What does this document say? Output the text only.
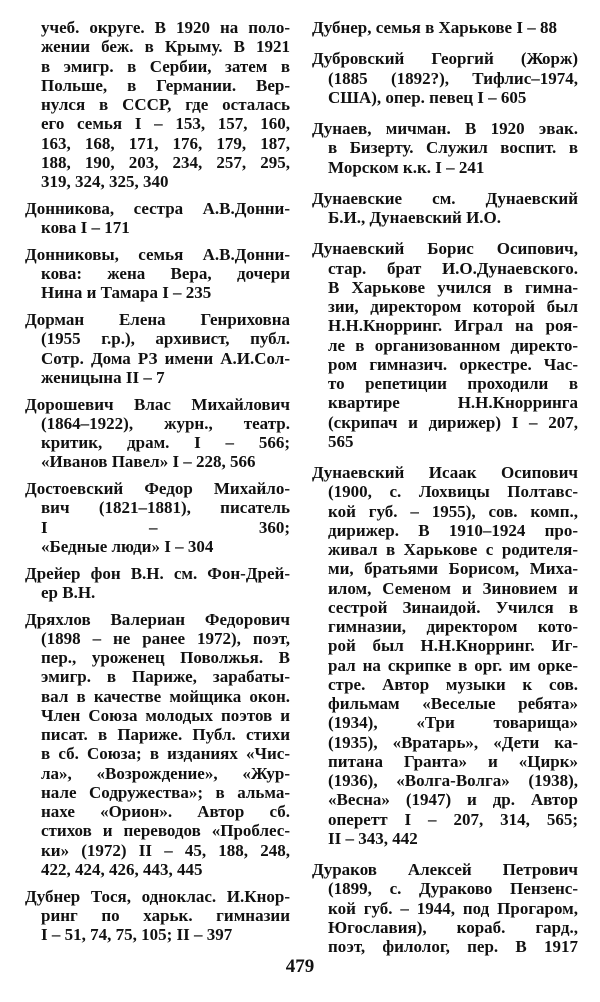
учеб. округе. В 1920 на поло-
жении беж. в Крыму. В 1921
в эмигр. в Сербии, затем в
Польше, в Германии. Вер-
нулся в СССР, где осталась
его семья I – 153, 157, 160,
163, 168, 171, 176, 179, 187,
188, 190, 203, 234, 257, 295,
319, 324, 325, 340
Донникова, сестра А.В.Донни-
кова I – 171
Донниковы, семья А.В.Донни-
кова: жена Вера, дочери
Нина и Тамара I – 235
Дорман Елена Генриховна
(1955 г.р.), архивист, публ.
Сотр. Дома РЗ имени А.И.Сол-
женицына II – 7
Дорошевич Влас Михайлович
(1864–1922), журн., театр.
критик, драм. I – 566;
«Иванов Павел» I – 228, 566
Достоевский Федор Михайло-
вич (1821–1881), писатель
I – 360;
«Бедные люди» I – 304
Дрейер фон В.Н. см. Фон-Дрей-
ер В.Н.
Дряхлов Валериан Федорович
(1898 – не ранее 1972), поэт,
пер., уроженец Поволжья. В
эмигр. в Париже, зарабаты-
вал в качестве мойщика окон.
Член Союза молодых поэтов и
писат. в Париже. Публ. стихи
в сб. Союза; в изданиях «Чис-
ла», «Возрождение», «Жур-
нале Содружества»; в альма-
нахе «Орион». Автор сб.
стихов и переводов «Проблес-
ки» (1972) II – 45, 188, 248,
422, 424, 426, 443, 445
Дубнер Тося, одноклас. И.Кнор-
ринг по харьк. гимназии
I – 51, 74, 75, 105; II – 397
Дубнер, семья в Харькове I – 88
Дубровский Георгий (Жорж)
(1885 (1892?), Тифлис–1974,
США), опер. певец I – 605
Дунаев, мичман. В 1920 эвак.
в Бизерту. Служил воспит. в
Морском к.к. I – 241
Дунаевские см. Дунаевский
Б.И., Дунаевский И.О.
Дунаевский Борис Осипович,
стар. брат И.О.Дунаевского.
В Харькове учился в гимна-
зии, директором которой был
Н.Н.Кнорринг. Играл на роя-
ле в организованном директо-
ром гимназич. оркестре. Час-
то репетиции проходили в
квартире Н.Н.Кнорринга
(скрипач и дирижер) I – 207,
565
Дунаевский Исаак Осипович
(1900, с. Лохвицы Полтавс-
кой губ. – 1955), сов. комп.,
дирижер. В 1910–1924 про-
живал в Харькове с родителя-
ми, братьями Борисом, Миха-
илом, Семеном и Зиновием и
сестрой Зинаидой. Учился в
гимназии, директором кото-
рой был Н.Н.Кнорринг. Иг-
рал на скрипке в орг. им орке-
стре. Автор музыки к сов.
фильмам «Веселые ребята»
(1934), «Три товарища»
(1935), «Вратарь», «Дети ка-
питана Гранта» и «Цирк»
(1936), «Волга-Волга» (1938),
«Весна» (1947) и др. Автор
оперетт I – 207, 314, 565;
II – 343, 442
Дураков Алексей Петрович
(1899, с. Дураково Пензенс-
кой губ. – 1944, под Прогаром,
Югославия), кораб. гард.,
поэт, филолог, пер. В 1917
479
